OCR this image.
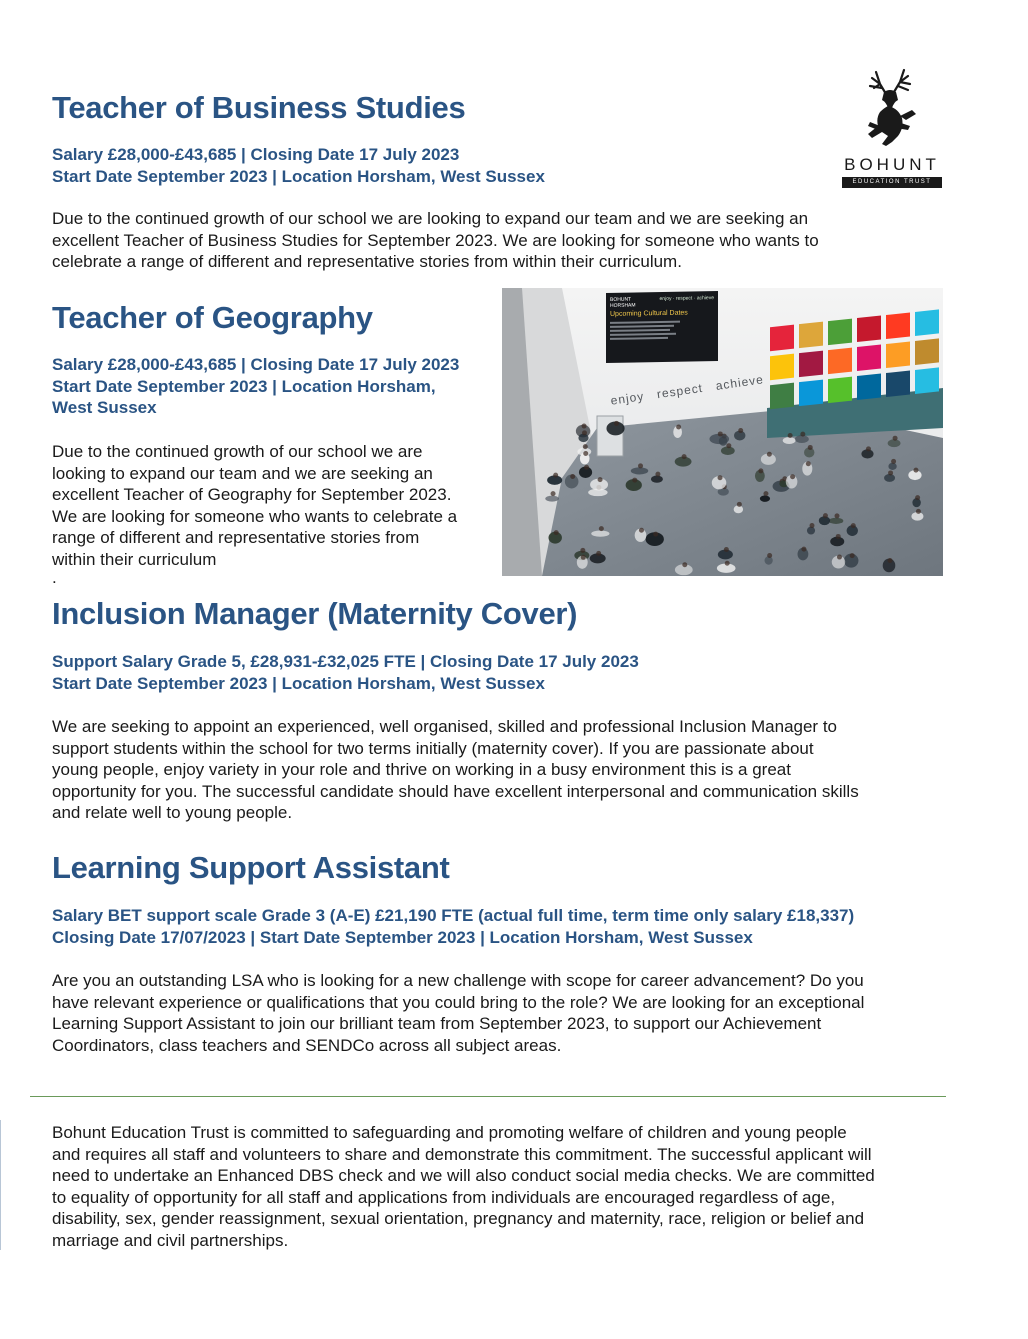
BOHUNT
EDUCATION TRUST
Teacher of Business Studies
Salary £28,000-£43,685 | Closing Date 17 July 2023
Start Date September 2023 | Location Horsham, West Sussex
Due to the continued growth of our school we are looking to expand our team and we are seeking an
excellent Teacher of Business Studies for September 2023. We are looking for someone who wants to
celebrate a range of different and representative stories from within their curriculum.
Teacher of Geography
Salary £28,000-£43,685 | Closing Date 17 July 2023
Start Date September 2023 | Location Horsham,
West Sussex
Due to the continued growth of our school we are
looking to expand our team and we are seeking an
excellent Teacher of Geography for September 2023.
We are looking for someone who wants to celebrate a
range of different and representative stories from
within their curriculum
.
BOHUNT
HORSHAM
enjoy · respect · achieve
Upcoming Cultural Dates
enjoy   respect   achieve
Inclusion Manager (Maternity Cover)
Support Salary Grade 5, £28,931-£32,025 FTE | Closing Date 17 July 2023
Start Date September 2023 | Location Horsham, West Sussex
We are seeking to appoint an experienced, well organised, skilled and professional Inclusion Manager to
support students within the school for two terms initially (maternity cover). If you are passionate about
young people, enjoy variety in your role and thrive on working in a busy environment this is a great
opportunity for you. The successful candidate should have excellent interpersonal and communication skills
and relate well to young people.
Learning Support Assistant
Salary BET support scale Grade 3 (A-E) £21,190 FTE (actual full time, term time only salary £18,337)
Closing Date 17/07/2023 | Start Date September 2023 | Location Horsham, West Sussex
Are you an outstanding LSA who is looking for a new challenge with scope for career advancement? Do you
have relevant experience or qualifications that you could bring to the role? We are looking for an exceptional
Learning Support Assistant to join our brilliant team from September 2023, to support our Achievement
Coordinators, class teachers and SENDCo across all subject areas.
Bohunt Education Trust is committed to safeguarding and promoting welfare of children and young people
and requires all staff and volunteers to share and demonstrate this commitment. The successful applicant will
need to undertake an Enhanced DBS check and we will also conduct social media checks. We are committed
to equality of opportunity for all staff and applications from individuals are encouraged regardless of age,
disability, sex, gender reassignment, sexual orientation, pregnancy and maternity, race, religion or belief and
marriage and civil partnerships.
